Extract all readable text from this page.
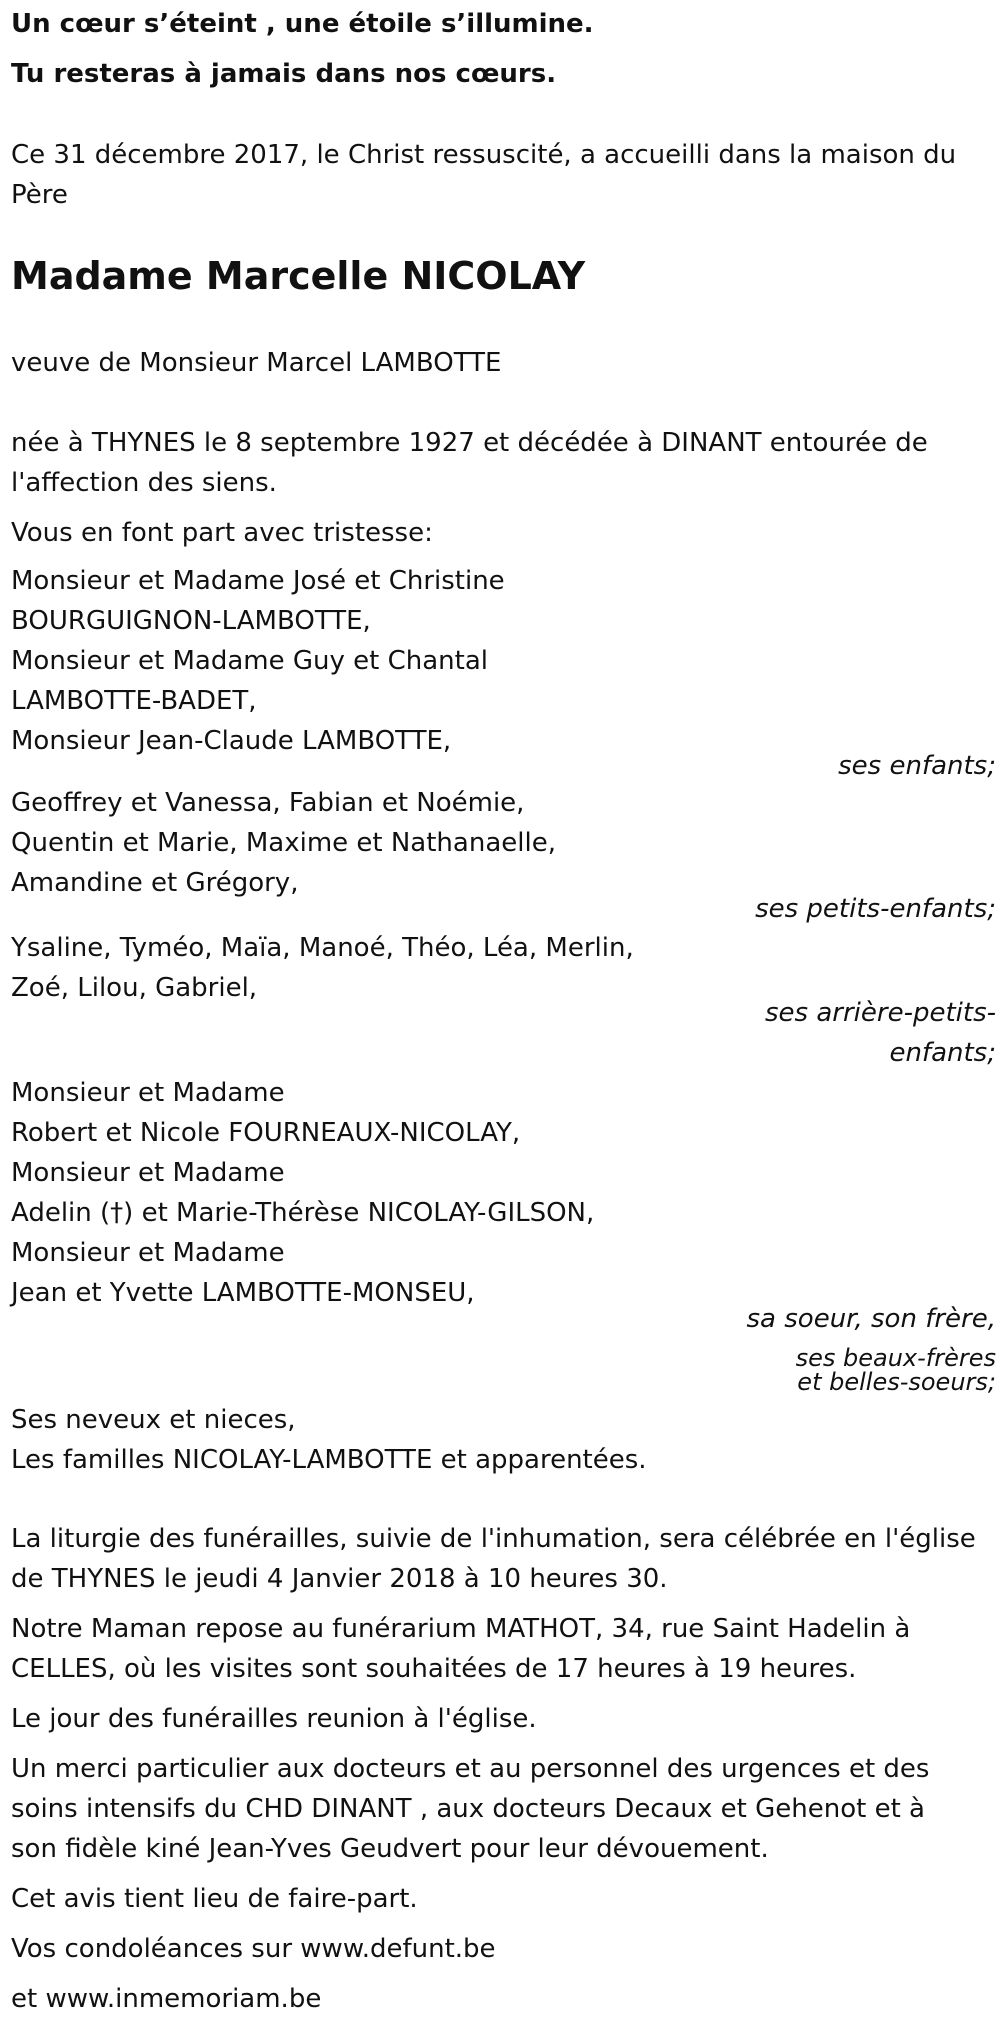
Un cœur s’éteint , une étoile s’illumine.
Tu resteras à jamais dans nos cœurs.
Ce 31 décembre 2017, le Christ ressuscité, a accueilli dans la maison du
Père
Madame Marcelle NICOLAY
veuve de Monsieur Marcel LAMBOTTE
née à THYNES le 8 septembre 1927 et décédée à DINANT entourée de
l'affection des siens.
Vous en font part avec tristesse:
Monsieur et Madame José et Christine
BOURGUIGNON-LAMBOTTE,
Monsieur et Madame Guy et Chantal
LAMBOTTE-BADET,
Monsieur Jean-Claude LAMBOTTE,
ses enfants;
Geoffrey et Vanessa, Fabian et Noémie,
Quentin et Marie, Maxime et Nathanaelle,
Amandine et Grégory,
ses petits-enfants;
Ysaline, Tyméo, Maïa, Manoé, Théo, Léa, Merlin,
Zoé, Lilou, Gabriel,
ses arrière-petits-
enfants;
Monsieur et Madame
Robert et Nicole FOURNEAUX-NICOLAY,
Monsieur et Madame
Adelin (†) et Marie-Thérèse NICOLAY-GILSON,
Monsieur et Madame
Jean et Yvette LAMBOTTE-MONSEU,
sa soeur, son frère,
ses beaux-frères
et belles-soeurs;
Ses neveux et nieces,
Les familles NICOLAY-LAMBOTTE et apparentées.
La liturgie des funérailles, suivie de l'inhumation, sera célébrée en l'église
de THYNES le jeudi 4 Janvier 2018 à 10 heures 30.
Notre Maman repose au funérarium MATHOT, 34, rue Saint Hadelin à
CELLES, où les visites sont souhaitées de 17 heures à 19 heures.
Le jour des funérailles reunion à l'église.
Un merci particulier aux docteurs et au personnel des urgences et des
soins intensifs du CHD DINANT , aux docteurs Decaux et Gehenot et à
son fidèle kiné Jean-Yves Geudvert pour leur dévouement.
Cet avis tient lieu de faire-part.
Vos condoléances sur www.defunt.be
et www.inmemoriam.be
